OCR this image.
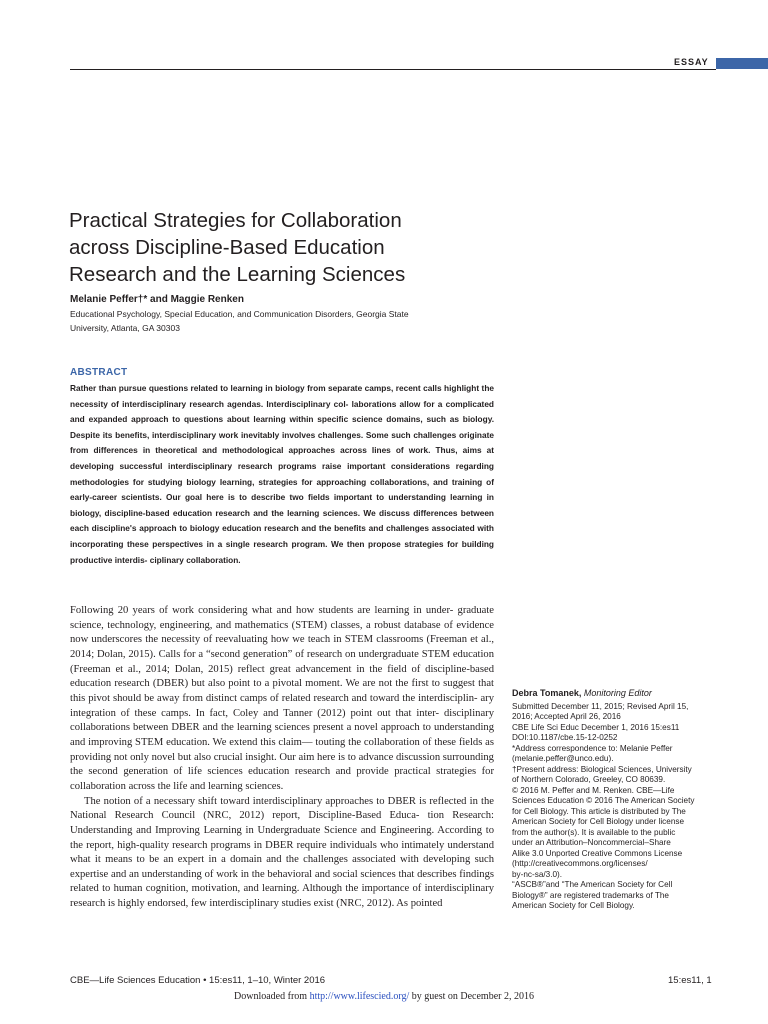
ESSAY
Practical Strategies for Collaboration
across Discipline-Based Education
Research and the Learning Sciences
Melanie Peffer†* and Maggie Renken
Educational Psychology, Special Education, and Communication Disorders, Georgia State
University, Atlanta, GA 30303
ABSTRACT
Rather than pursue questions related to learning in biology from separate camps, recent calls highlight the necessity of interdisciplinary research agendas. Interdisciplinary col- laborations allow for a complicated and expanded approach to questions about learning within specific science domains, such as biology. Despite its benefits, interdisciplinary work inevitably involves challenges. Some such challenges originate from differences in theoretical and methodological approaches across lines of work. Thus, aims at developing successful interdisciplinary research programs raise important considerations regarding methodologies for studying biology learning, strategies for approaching collaborations, and training of early-career scientists. Our goal here is to describe two fields important to understanding learning in biology, discipline-based education research and the learning sciences. We discuss differences between each discipline's approach to biology education research and the benefits and challenges associated with incorporating these perspectives in a single research program. We then propose strategies for building productive interdis- ciplinary collaboration.

Following 20 years of work considering what and how students are learning in under- graduate science, technology, engineering, and mathematics (STEM) classes, a robust database of evidence now underscores the necessity of reevaluating how we teach in STEM classrooms (Freeman et al., 2014; Dolan, 2015). Calls for a “second generation” of research on undergraduate STEM education (Freeman et al., 2014; Dolan, 2015) reflect great advancement in the field of discipline-based education research (DBER) but also point to a pivotal moment. We are not the first to suggest that this pivot should be away from distinct camps of related research and toward the interdisciplin- ary integration of these camps. In fact, Coley and Tanner (2012) point out that inter- disciplinary collaborations between DBER and the learning sciences present a novel approach to understanding and improving STEM education. We extend this claim— touting the collaboration of these fields as providing not only novel but also crucial insight. Our aim here is to advance discussion surrounding the second generation of life sciences education research and provide practical strategies for collaboration across the life and learning sciences.

The notion of a necessary shift toward interdisciplinary approaches to DBER is reflected in the National Research Council (NRC, 2012) report, Discipline-Based Educa- tion Research: Understanding and Improving Learning in Undergraduate Science and Engineering. According to the report, high-quality research programs in DBER require individuals who intimately understand what it means to be an expert in a domain and the challenges associated with developing such expertise and an understanding of work in the behavioral and social sciences that describes findings related to human cognition, motivation, and learning. Although the importance of interdisciplinary research is highly endorsed, few interdisciplinary studies exist (NRC, 2012). As pointed

Debra Tomanek, Monitoring Editor
Submitted December 11, 2015; Revised April 15,
2016; Accepted April 26, 2016
CBE Life Sci Educ December 1, 2016 15:es11
DOI:10.1187/cbe.15-12-0252
*Address correspondence to: Melanie Peffer
(melanie.peffer@unco.edu).
†Present address: Biological Sciences, University
of Northern Colorado, Greeley, CO 80639.
© 2016 M. Peffer and M. Renken. CBE—Life
Sciences Education © 2016 The American Society
for Cell Biology. This article is distributed by The
American Society for Cell Biology under license
from the author(s). It is available to the public
under an Attribution–Noncommercial–Share
Alike 3.0 Unported Creative Commons License
(http://creativecommons.org/licenses/
by-nc-sa/3.0).
“ASCB®”and “The American Society for Cell
Biology®” are registered trademarks of The
American Society for Cell Biology.
CBE—Life Sciences Education • 15:es11, 1–10, Winter 2016	15:es11, 1
Downloaded from http://www.lifescied.org/ by guest on December 2, 2016
